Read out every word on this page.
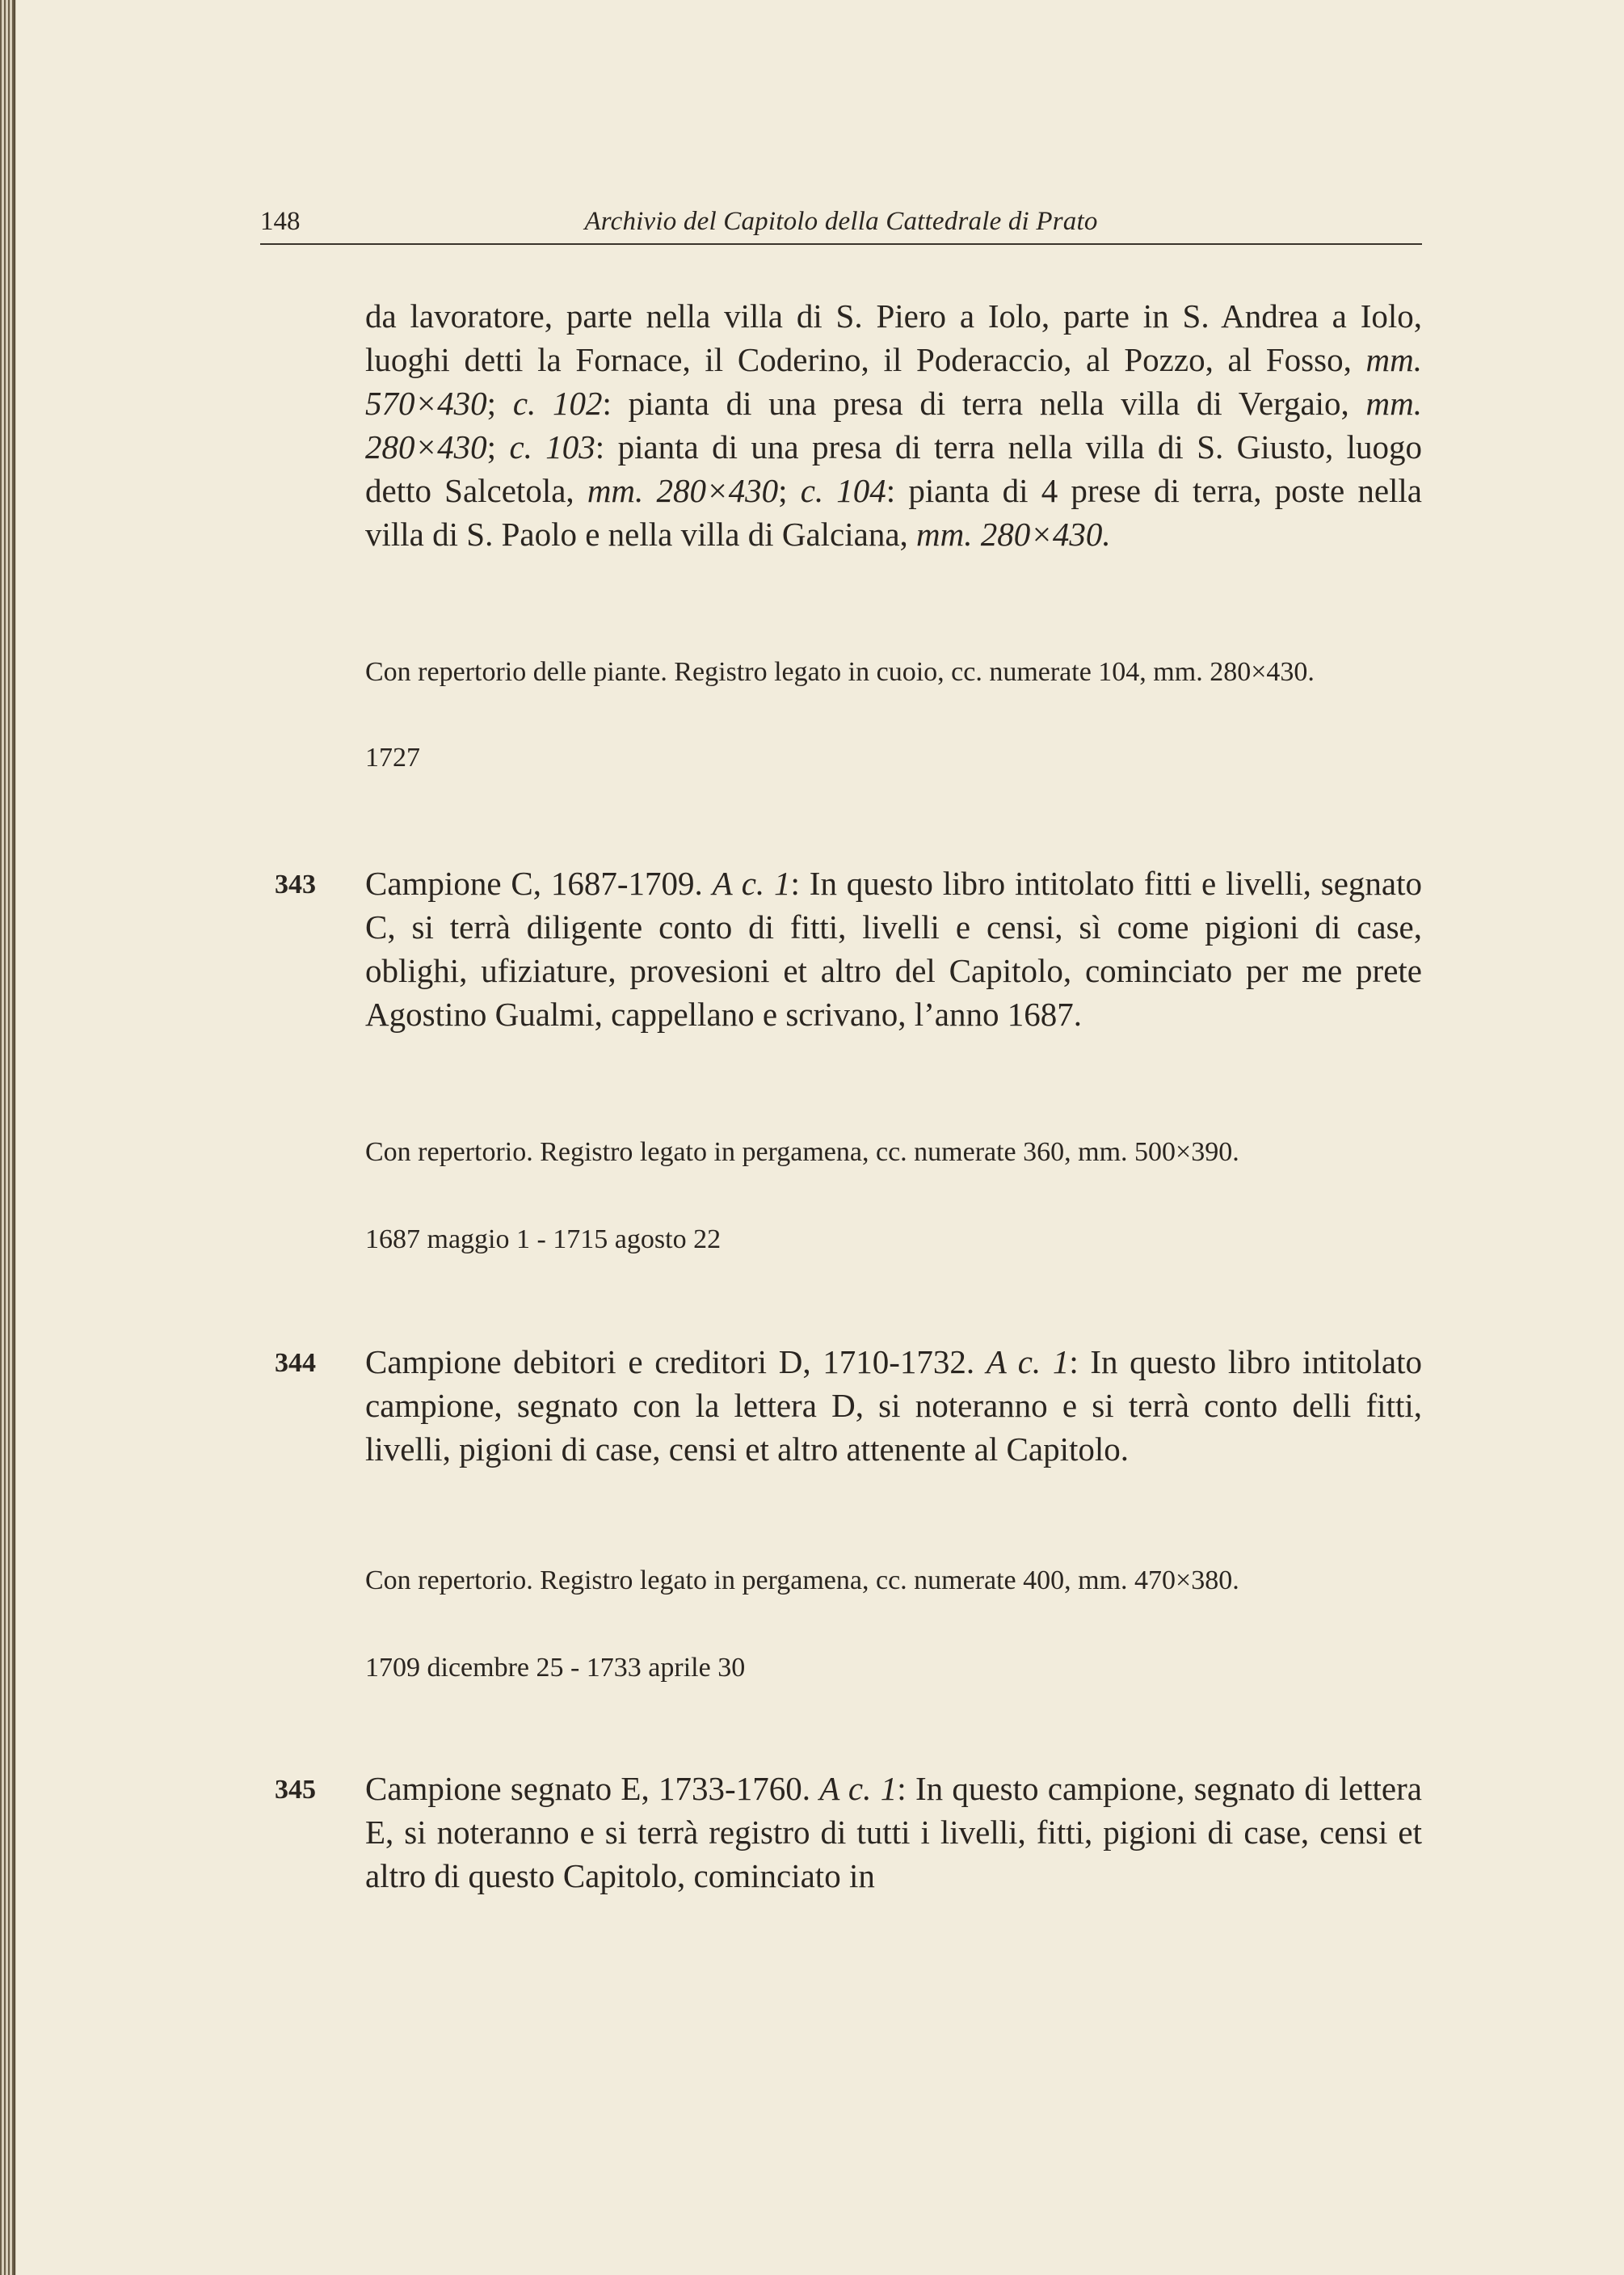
148	Archivio del Capitolo della Cattedrale di Prato
da lavoratore, parte nella villa di S. Piero a Iolo, parte in S. Andrea a Iolo, luoghi detti la Fornace, il Coderino, il Poderaccio, al Pozzo, al Fosso, mm. 570×430; c. 102: pianta di una presa di terra nella villa di Vergaio, mm. 280×430; c. 103: pianta di una presa di terra nella villa di S. Giusto, luogo detto Salcetola, mm. 280×430; c. 104: pianta di 4 prese di terra, poste nella villa di S. Paolo e nella villa di Galciana, mm. 280×430.
Con repertorio delle piante. Registro legato in cuoio, cc. numerate 104, mm. 280×430.
1727
343 Campione C, 1687-1709. A c. 1: In questo libro intitolato fitti e livelli, segnato C, si terrà diligente conto di fitti, livelli e censi, sì come pigioni di case, oblighi, ufiziature, provesioni et altro del Capitolo, cominciato per me prete Agostino Gualmi, cappellano e scrivano, l’anno 1687.
Con repertorio. Registro legato in pergamena, cc. numerate 360, mm. 500×390.
1687 maggio 1 - 1715 agosto 22
344 Campione debitori e creditori D, 1710-1732. A c. 1: In questo libro intitolato campione, segnato con la lettera D, si noteranno e si terrà conto delli fitti, livelli, pigioni di case, censi et altro attenente al Capitolo.
Con repertorio. Registro legato in pergamena, cc. numerate 400, mm. 470×380.
1709 dicembre 25 - 1733 aprile 30
345 Campione segnato E, 1733-1760. A c. 1: In questo campione, segnato di lettera E, si noteranno e si terrà registro di tutti i livelli, fitti, pigioni di case, censi et altro di questo Capitolo, cominciato in
